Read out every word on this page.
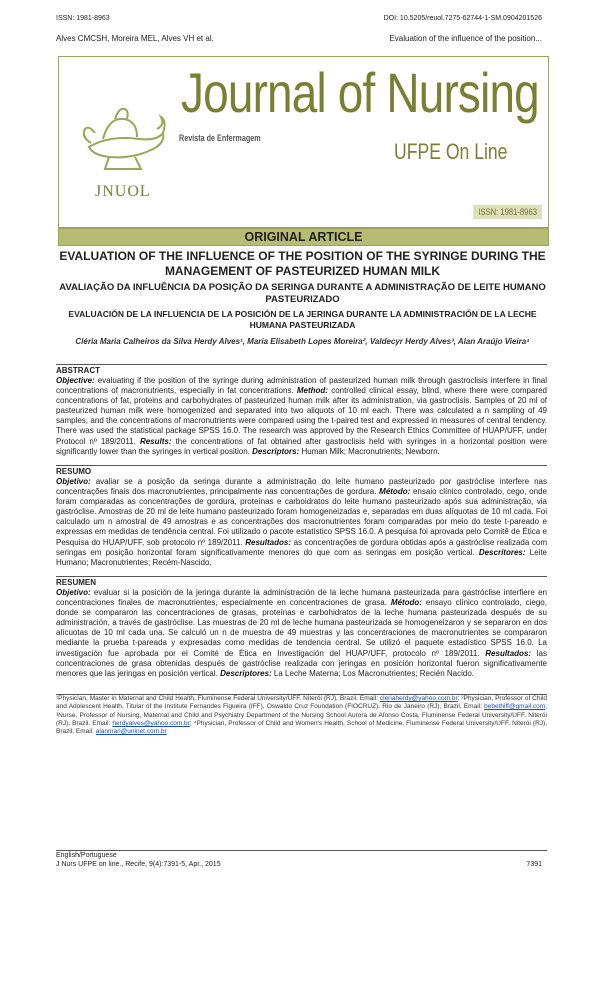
ISSN: 1981-8963	DOI: 10.5205/reuol.7275-62744-1-SM.0904201526
Alves CMCSH, Moreira MEL, Alves VH et al.	Evaluation of the influence of the position...
Journal of Nursing
Revista de Enfermagem
UFPE On Line
JNUOL
ISSN: 1981-8963
ORIGINAL ARTICLE
EVALUATION OF THE INFLUENCE OF THE POSITION OF THE SYRINGE DURING THE MANAGEMENT OF PASTEURIZED HUMAN MILK
AVALIAÇÃO DA INFLUÊNCIA DA POSIÇÃO DA SERINGA DURANTE A ADMINISTRAÇÃO DE LEITE HUMANO PASTEURIZADO
EVALUACIÓN DE LA INFLUENCIA DE LA POSICIÓN DE LA JERINGA DURANTE LA ADMINISTRACIÓN DE LA LECHE HUMANA PASTEURIZADA
Cléria Maria Calheiros da Silva Herdy Alves¹, Maria Elisabeth Lopes Moreira², Valdecyr Herdy Alves³, Alan Araújo Vieira⁴
ABSTRACT
Objective: evaluating if the position of the syringe during administration of pasteurized human milk through gastroclisis interfere in final concentrations of macronutrients, especially in fat concentrations. Method: controlled clinical essay, blind, where there were compared concentrations of fat, proteins and carbohydrates of pasteurized human milk after its administration, via gastroclisis. Samples of 20 ml of pasteurized human milk were homogenized and separated into two aliquots of 10 ml each. There was calculated a n sampling of 49 samples, and the concentrations of macronutrients were compared using the t-paired test and expressed in measures of central tendency. There was used the statistical package SPSS 16.0. The research was approved by the Research Ethics Committee of HUAP/UFF, under Protocol nº 189/2011. Results: the concentrations of fat obtained after gastroclisis held with syringes in a horizontal position were significantly lower than the syringes in vertical position. Descriptors: Human Milk; Macronutrients; Newborn.
RESUMO
Objetivo: avaliar se a posição da seringa durante a administração do leite humano pasteurizado por gastróclise interfere nas concentrações finais dos macronutrientes, principalmente nas concentrações de gordura. Método: ensaio clínico controlado, cego, onde foram comparadas as concentrações de gordura, proteínas e carboidratos do leite humano pasteurizado após sua administração, via gastróclise. Amostras de 20 ml de leite humano pasteurizado foram homogeneizadas e, separadas em duas alíquotas de 10 ml cada. Foi calculado um n amostral de 49 amostras e as concentrações dos macronutrientes foram comparadas por meio do teste t-pareado e expressas em medidas de tendência central. Foi utilizado o pacote estatístico SPSS 16.0. A pesquisa foi aprovada pelo Comitê de Ética e Pesquisa do HUAP/UFF, sob protocolo nº 189/2011. Resultados: as concentrações de gordura obtidas após a gastróclise realizada com seringas em posição horizontal foram significativamente menores do que com as seringas em posição vertical. Descritores: Leite Humano; Macronutrientes; Recém-Nascido.
RESUMEN
Objetivo: evaluar si la posición de la jeringa durante la administración de la leche humana pasteurizada para gastróclise interfiere en concentraciones finales de macronutrientes, especialmente en concentraciones de grasa. Método: ensayo clínico controlado, ciego, donde se compararon las concentraciones de grasas, proteínas e carbohidratos de la leche humana pasteurizada después de su administración, a través de gastróclise. Las muestras de 20 ml de leche humana pasteurizada se homogeneizaron y se separaron en dos alícuotas de 10 ml cada una. Se calculó un n de muestra de 49 muestras y las concentraciones de macronutrientes se compararon mediante la prueba t-pareada y expresadas como medidas de tendencia central. Se utilizó el paquete estadístico SPSS 16.0. La investigación fue aprobada por el Comité de Ética en Investigación del HUAP/UFF, protocolo nº 189/2011. Resultados: las concentraciones de grasa obtenidas después de gastróclise realizada con jeringas en posición horizontal fueron significativamente menores que las jeringas en posición vertical. Descriptores: La Leche Materna; Los Macronutrientes; Recién Nacido.
¹Physician, Master in Maternal and Child Health, Fluminense Federal University/UFF. Niterói (RJ), Brazil. Email: cleriaherdy@yahoo.com.br; ²Physician, Professor of Child and Adolescent Health, Titular of the Institute Fernandes Figueira (IFF), Oswaldo Cruz Foundation (FIOCRUZ). Rio de Janeiro (RJ), Brazil. Email: bebethiff@gmail.com; ³Nurse, Professor of Nursing, Maternal and Child and Psychiatry Department of the Nursing School Aurora de Afonso Costa, Fluminense Federal University/UFF. Niterói (RJ), Brazil. Email: herdyalves@yahoo.com.br; ⁴Physician, Professor of Child and Women's Health, School of Medicine, Fluminense Federal University/UFF. Niterói (RJ), Brazil. Email: alanmari@uninet.com.br
English/Portuguese
J Nurs UFPE on line., Recife, 9(4):7391-5, Apr., 2015	7391
